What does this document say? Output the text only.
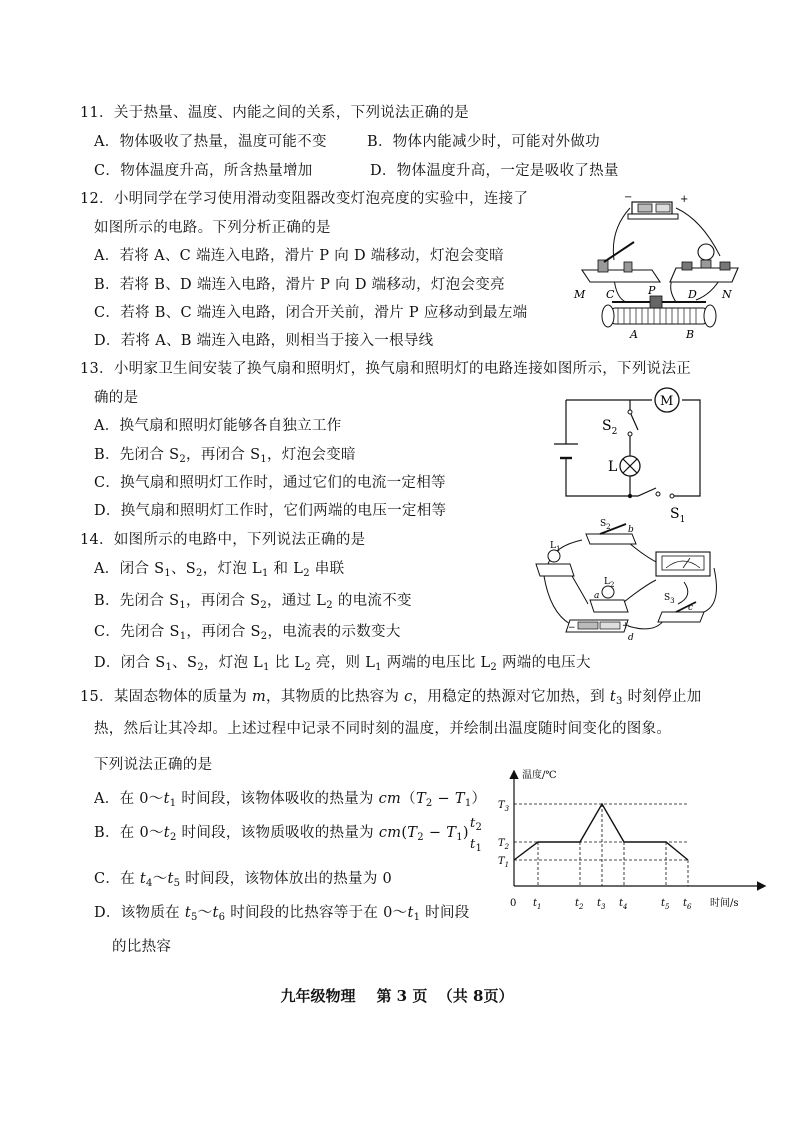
11．关于热量、温度、内能之间的关系，下列说法正确的是
A．物体吸收了热量，温度可能不变	B．物体内能减少时，可能对外做功
C．物体温度升高，所含热量增加	D．物体温度升高，一定是吸收了热量
12．小明同学在学习使用滑动变阻器改变灯泡亮度的实验中，连接了
如图所示的电路。下列分析正确的是
A．若将 A、C 端连入电路，滑片 P 向 D 端移动，灯泡会变暗
B．若将 B、D 端连入电路，滑片 P 向 D 端移动，灯泡会变亮
C．若将 B、C 端连入电路，闭合开关前，滑片 P 应移动到最左端
D．若将 A、B 端连入电路，则相当于接入一根导线
−	+
M C	P	D N
A	B
13．小明家卫生间安装了换气扇和照明灯，换气扇和照明灯的电路连接如图所示，下列说法正
确的是
A．换气扇和照明灯能够各自独立工作
B．先闭合 $S_2$，再闭合 $S_1$，灯泡会变暗
C．换气扇和照明灯工作时，通过它们的电流一定相等
D．换气扇和照明灯工作时，它们两端的电压一定相等
M
$S_2$
L
$S_1$
14．如图所示的电路中，下列说法正确的是
A．闭合 $S_1$、$S_2$，灯泡 $L_1$ 和 $L_2$ 串联
B．先闭合 $S_1$，再闭合 $S_2$，通过 $L_2$ 的电流不变
C．先闭合 $S_1$，再闭合 $S_2$，电流表的示数变大
D．闭合 $S_1$、$S_2$，灯泡 $L_1$ 比 $L_2$ 亮，则 $L_1$ 两端的电压比 $L_2$ 两端的电压大
$S_2$ b
$L_1$
$L_2$
a	$S_3$
c
−	+
d
15．某固态物体的质量为 m，其物质的比热容为 c，用稳定的热源对它加热，到 $t_3$ 时刻停止加
热，然后让其冷却。上述过程中记录不同时刻的温度，并绘制出温度随时间变化的图象。
下列说法正确的是
A．在 $0\sim t_1$ 时间段，该物体吸收的热量为 $cm(T_2 - T_1)$
B．在 $0\sim t_2$ 时间段，该物质吸收的热量为 $cm(T_2 - T_1)$
$t_2$
$t_1$
C．在 $t_4\sim t_5$ 时间段，该物体放出的热量为 0
D．该物质在 $t_5\sim t_6$ 时间段的比热容等于在 $0\sim t_1$ 时间段
的比热容
温度/℃
时间/s
0
$T_1$
$T_2$
$T_3$
$t_1$	$t_2$ $t_3$ $t_4$	$t_5$ $t_6$
九年级物理 第 3 页 （共 8页）
